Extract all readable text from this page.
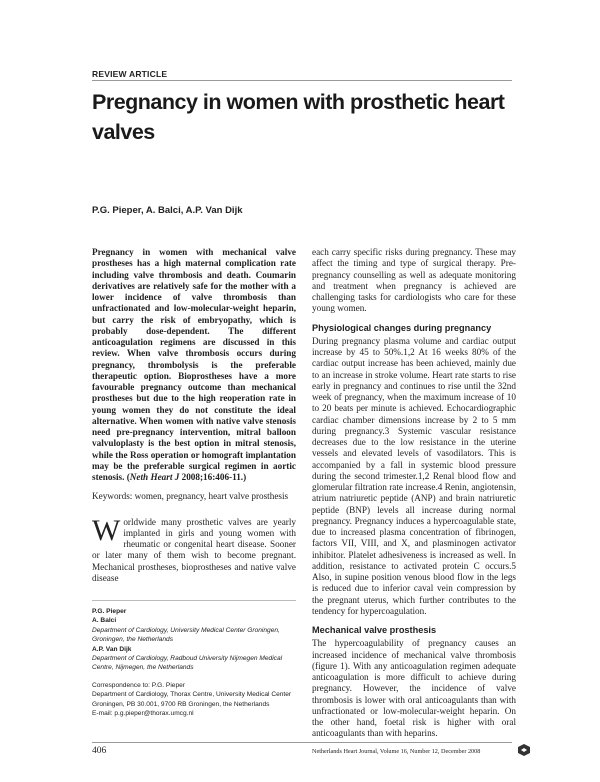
REVIEW ARTICLE
Pregnancy in women with prosthetic heart valves
P.G. Pieper, A. Balci, A.P. Van Dijk

Pregnancy in women with mechanical valve prostheses has a high maternal complication rate including valve thrombosis and death. Coumarin derivatives are relatively safe for the mother with a lower incidence of valve thrombosis than unfractionated and low-molecular-weight heparin, but carry the risk of embryopathy, which is probably dose-dependent. The different anticoagulation regimens are discussed in this review. When valve thrombosis occurs during pregnancy, thrombolysis is the preferable therapeutic option. Bioprostheses have a more favourable pregnancy outcome than mechanical prostheses but due to the high reoperation rate in young women they do not constitute the ideal alternative. When women with native valve stenosis need pre-pregnancy intervention, mitral balloon valvuloplasty is the best option in mitral stenosis, while the Ross operation or homograft implantation may be the preferable surgical regimen in aortic stenosis. (Neth Heart J 2008;16:406-11.)

Keywords: women, pregnancy, heart valve prosthesis

Worldwide many prosthetic valves are yearly implanted in girls and young women with rheumatic or congenital heart disease. Sooner or later many of them wish to become pregnant. Mechanical prostheses, bioprostheses and native valve disease

P.G. Pieper
A. Balci
Department of Cardiology, University Medical Center Groningen, Groningen, the Netherlands
A.P. Van Dijk
Department of Cardiology, Radboud University Nijmegen Medical Centre, Nijmegen, the Netherlands
Correspondence to: P.G. Pieper
Department of Cardiology, Thorax Centre, University Medical Center Groningen, PB 30.001, 9700 RB Groningen, the Netherlands
E-mail: p.g.pieper@thorax.umcg.nl

each carry specific risks during pregnancy. These may affect the timing and type of surgical therapy. Pre-pregnancy counselling as well as adequate monitoring and treatment when pregnancy is achieved are challenging tasks for cardiologists who care for these young women.

Physiological changes during pregnancy

During pregnancy plasma volume and cardiac output increase by 45 to 50%.1,2 At 16 weeks 80% of the cardiac output increase has been achieved, mainly due to an increase in stroke volume. Heart rate starts to rise early in pregnancy and continues to rise until the 32nd week of pregnancy, when the maximum increase of 10 to 20 beats per minute is achieved. Echocardiographic cardiac chamber dimensions increase by 2 to 5 mm during pregnancy.3 Systemic vascular resistance decreases due to the low resistance in the uterine vessels and elevated levels of vasodilators. This is accompanied by a fall in systemic blood pressure during the second trimester.1,2 Renal blood flow and glomerular filtration rate increase.4 Renin, angiotensin, atrium natriuretic peptide (ANP) and brain natriuretic peptide (BNP) levels all increase during normal pregnancy. Pregnancy induces a hypercoagulable state, due to increased plasma concentration of fibrinogen, factors VII, VIII, and X, and plasminogen activator inhibitor. Platelet adhesiveness is increased as well. In addition, resistance to activated protein C occurs.5 Also, in supine position venous blood flow in the legs is reduced due to inferior caval vein compression by the pregnant uterus, which further contributes to the tendency for hypercoagulation.

Mechanical valve prosthesis

The hypercoagulability of pregnancy causes an increased incidence of mechanical valve thrombosis (figure 1). With any anticoagulation regimen adequate anticoagulation is more difficult to achieve during pregnancy. However, the incidence of valve thrombosis is lower with oral anticoagulants than with unfractionated or low-molecular-weight heparin. On the other hand, foetal risk is higher with oral anticoagulants than with heparins.

406	Netherlands Heart Journal, Volume 16, Number 12, December 2008
